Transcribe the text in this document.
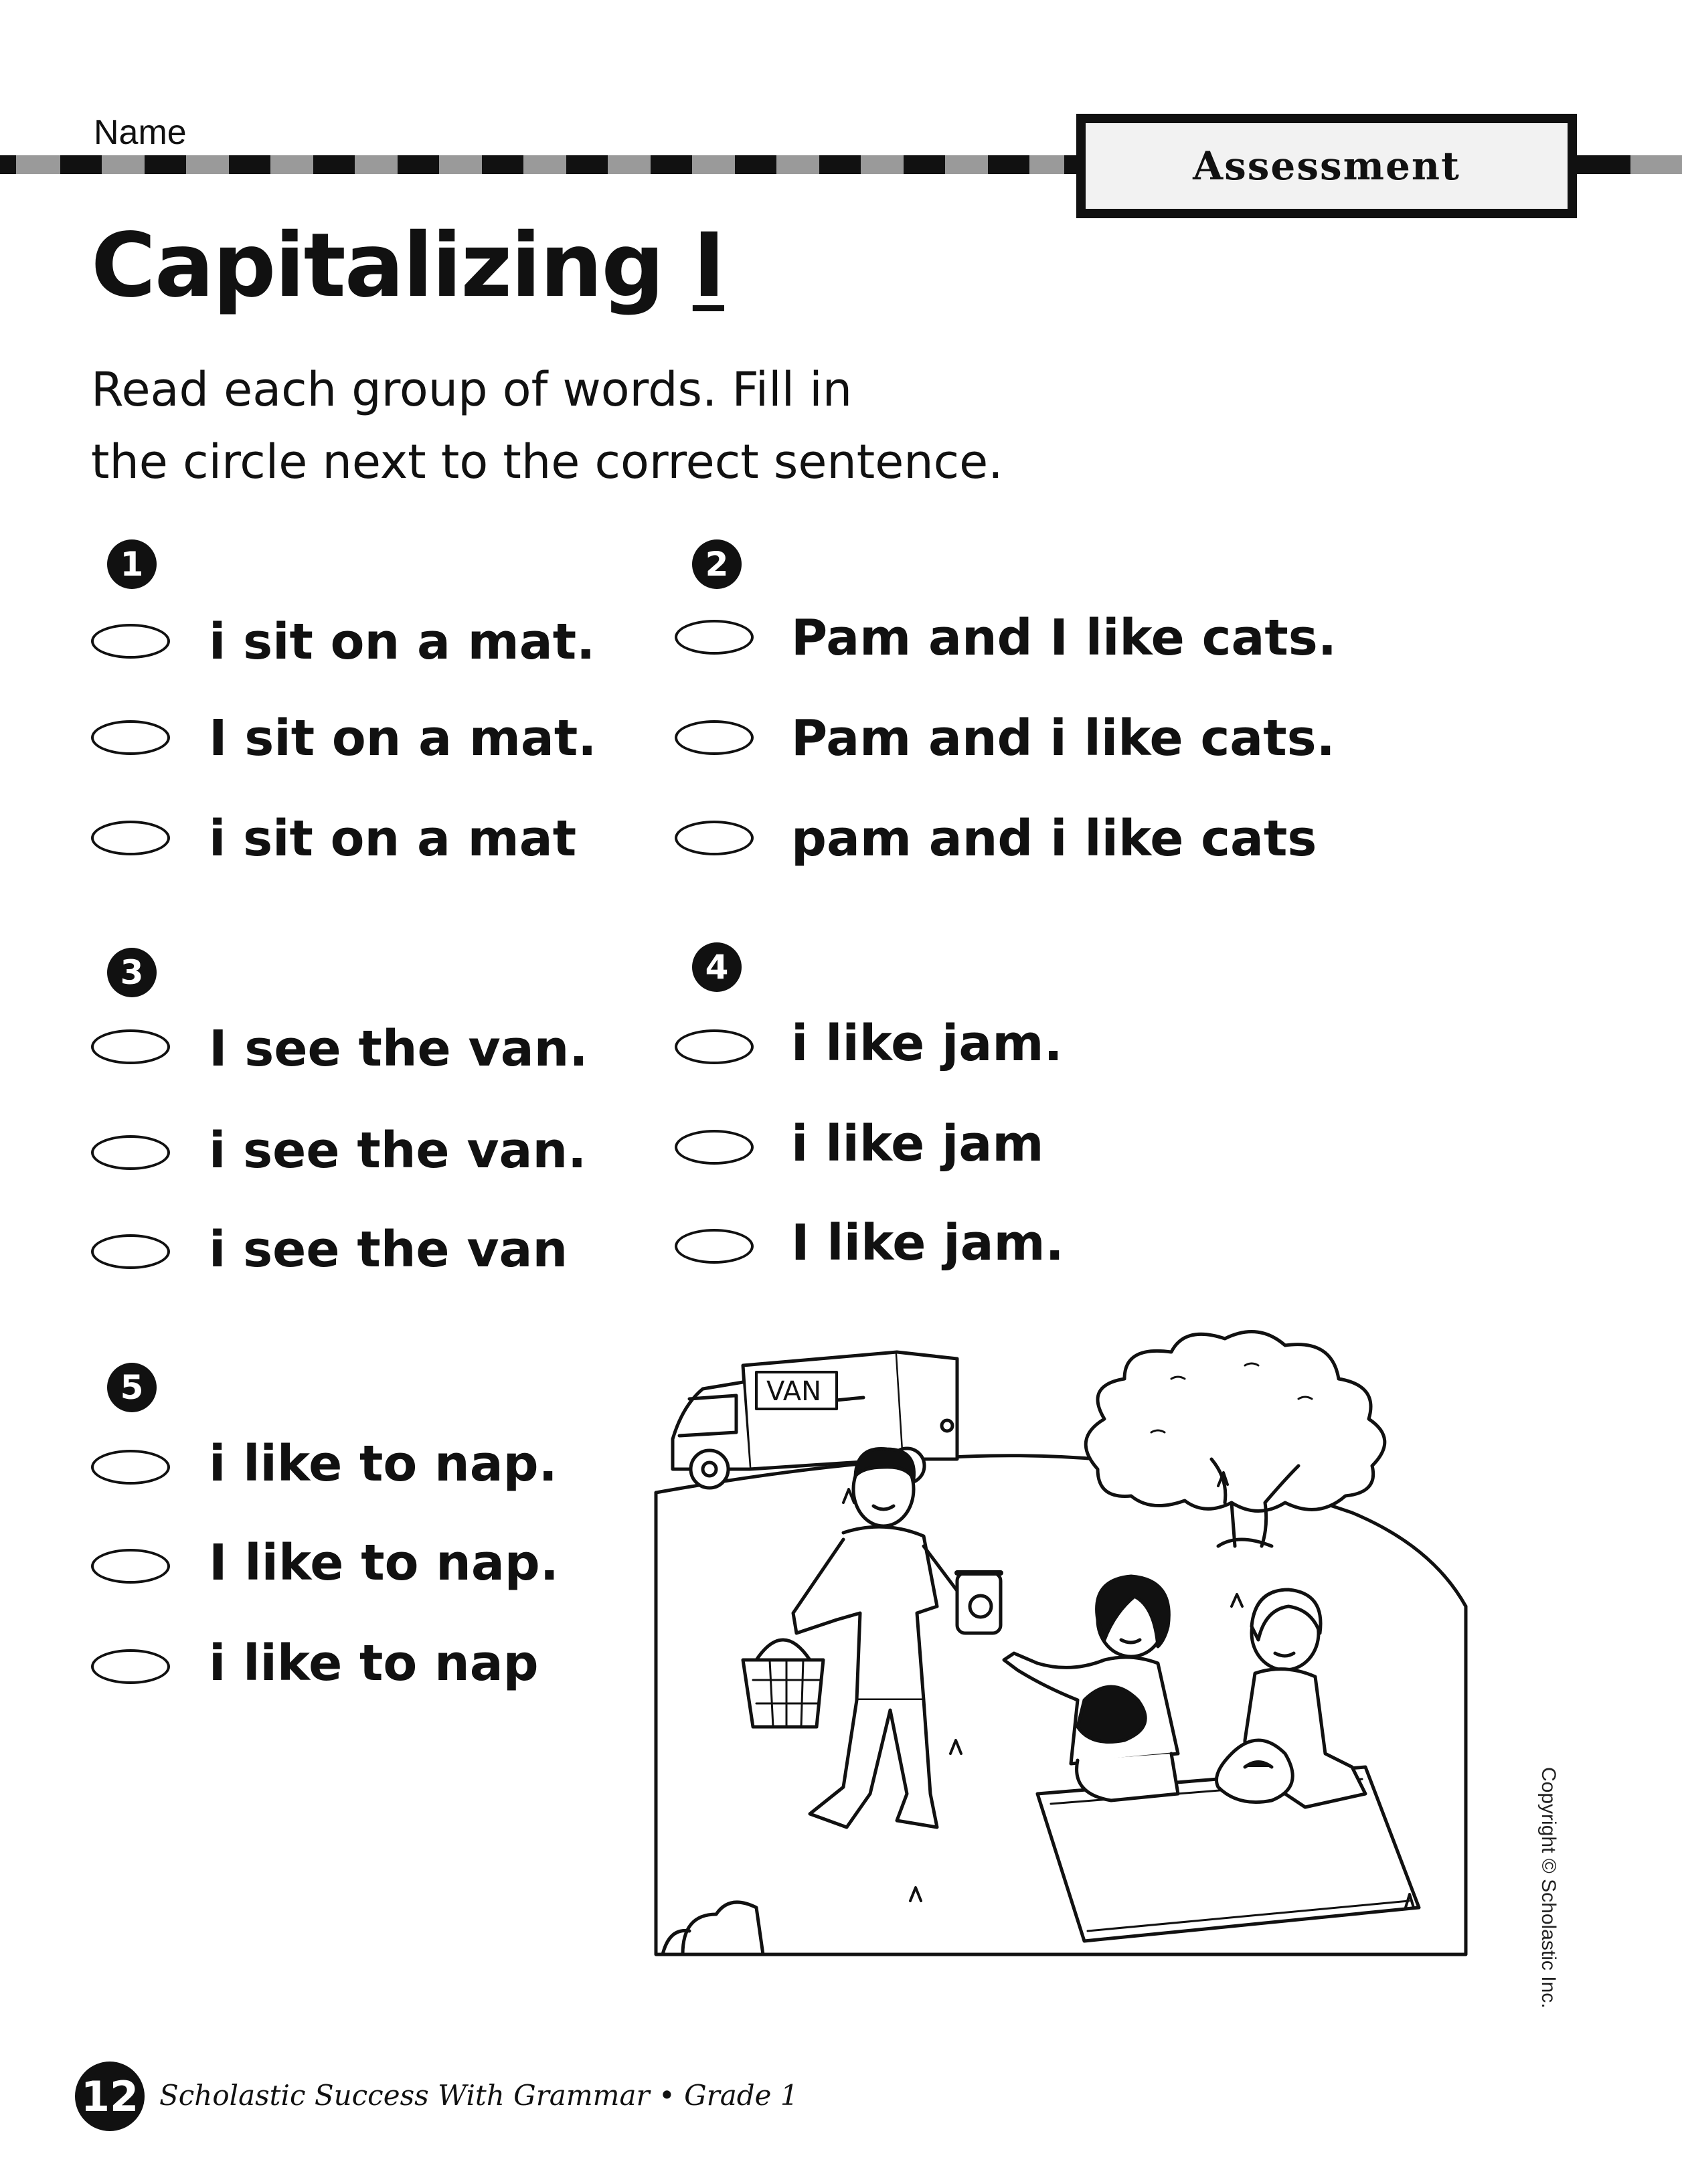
Name
Assessment
Capitalizing I
Read each group of words. Fill in
the circle next to the correct sentence.
1
i sit on a mat.
I sit on a mat.
i sit on a mat
2
Pam and I like cats.
Pam and i like cats.
pam and i like cats
3
I see the van.
i see the van.
i see the van
4
i like jam.
i like jam
I like jam.
5
i like to nap.
I like to nap.
i like to nap
VAN
Copyright © Scholastic Inc.
12 Scholastic Success With Grammar • Grade 1
